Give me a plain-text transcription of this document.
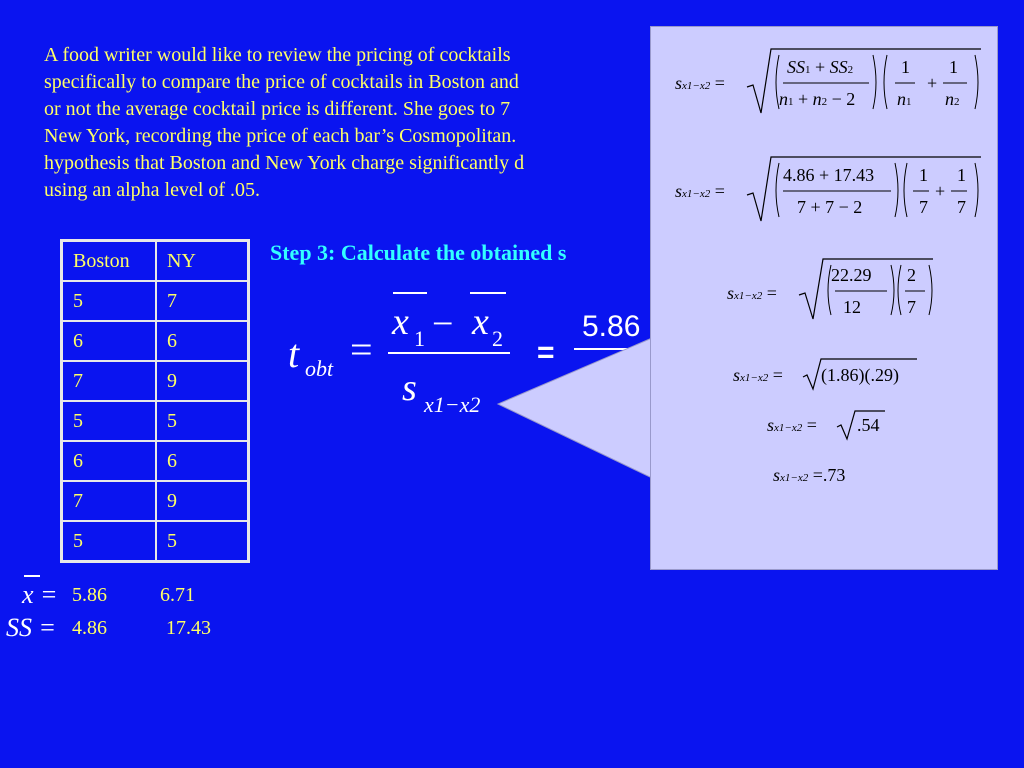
A food writer would like to review the pricing of cocktails
specifically to compare the price of cocktails in Boston and
or not the average cocktail price is different. She goes to 7
New York, recording the price of each bar’s Cosmopolitan.
hypothesis that Boston and New York charge significantly d
using an alpha level of .05.
Boston	NY
5	7
6	6
7	9
5	5
6	6
7	9
5	5
x = 5.86	6.71
SS = 4.86	17.43
Step 3: Calculate the obtained s
t obt =
x 1 − x 2
s x1−x2
=
5.86
sx1−x2 =
SS1 + SS2
n1 + n2 − 2
1
n1
+
1
n2
sx1−x2 =
4.86 + 17.43
7 + 7 − 2
1
7
+
1
7
sx1−x2 =
22.29
12
2
7
sx1−x2 = (1.86)(.29)
sx1−x2 = .54
sx1−x2 =.73
